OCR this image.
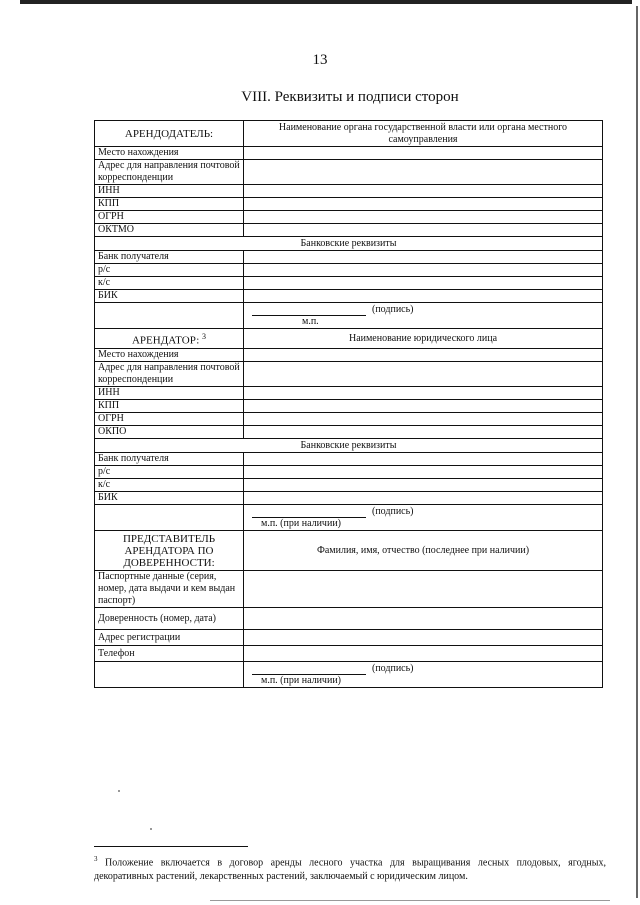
13
VIII. Реквизиты и подписи сторон
АРЕНДОДАТЕЛЬ:	Наименование органа государственной власти или органа местного самоуправления
Место нахождения	
Адрес для направления почтовой корреспонденции	
ИНН	
КПП	
ОГРН	
ОКТМО	
Банковские реквизиты	
Банк получателя	
р/с	
к/с	
БИК	

	(подпись)
м.п.

АРЕНДАТОР: $^3$	Наименование юридического лица
Место нахождения	
Адрес для направления почтовой корреспонденции	
ИНН	
КПП	
ОГРН	
ОКПО	
Банковские реквизиты	
Банк получателя	
р/с	
к/с	
БИК	

	(подпись)
м.п. (при наличии)

ПРЕДСТАВИТЕЛЬ АРЕНДАТОРА ПО ДОВЕРЕННОСТИ:	Фамилия, имя, отчество (последнее при наличии)
Паспортные данные (серия, номер, дата выдачи и кем выдан паспорт)	
Доверенность (номер, дата)	
Адрес регистрации	
Телефон	

	(подпись)
м.п. (при наличии)
$^3$ Положение включается в договор аренды лесного участка для выращивания лесных плодовых, ягодных, декоративных растений, лекарственных растений, заключаемый с юридическим лицом.
